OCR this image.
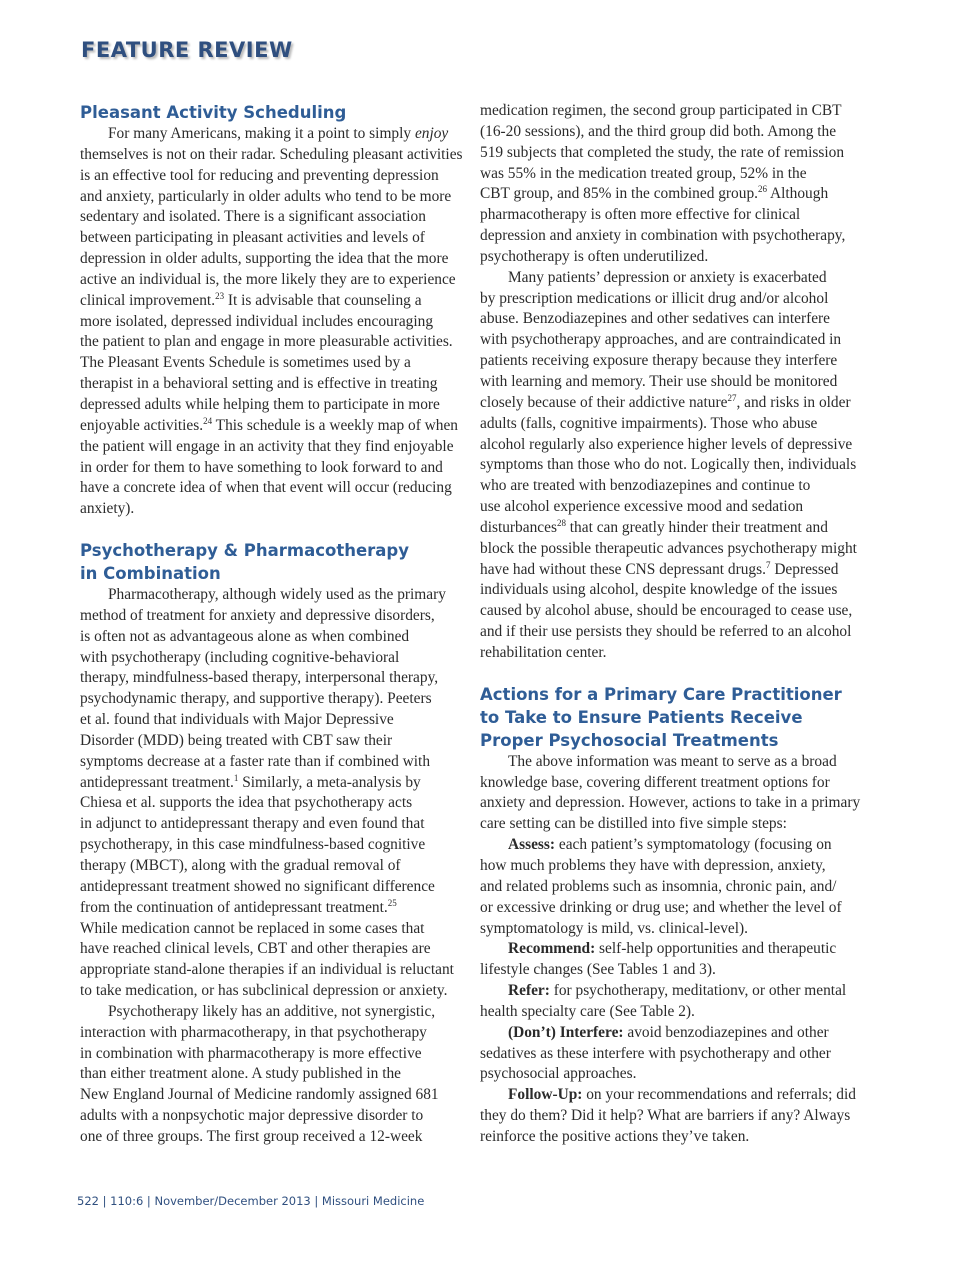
FEATURE REVIEW
Pleasant Activity Scheduling

For many Americans, making it a point to simply enjoy
themselves is not on their radar. Scheduling pleasant activities
is an effective tool for reducing and preventing depression
and anxiety, particularly in older adults who tend to be more
sedentary and isolated. There is a significant association
between participating in pleasant activities and levels of
depression in older adults, supporting the idea that the more
active an individual is, the more likely they are to experience
clinical improvement.$^{23}$ It is advisable that counseling a
more isolated, depressed individual includes encouraging
the patient to plan and engage in more pleasurable activities.
The Pleasant Events Schedule is sometimes used by a
therapist in a behavioral setting and is effective in treating
depressed adults while helping them to participate in more
enjoyable activities.$^{24}$ This schedule is a weekly map of when
the patient will engage in an activity that they find enjoyable
in order for them to have something to look forward to and
have a concrete idea of when that event will occur (reducing
anxiety).

Psychotherapy & Pharmacotherapy
in Combination

Pharmacotherapy, although widely used as the primary
method of treatment for anxiety and depressive disorders,
is often not as advantageous alone as when combined
with psychotherapy (including cognitive-behavioral
therapy, mindfulness-based therapy, interpersonal therapy,
psychodynamic therapy, and supportive therapy). Peeters
et al. found that individuals with Major Depressive
Disorder (MDD) being treated with CBT saw their
symptoms decrease at a faster rate than if combined with
antidepressant treatment.$^1$ Similarly, a meta-analysis by
Chiesa et al. supports the idea that psychotherapy acts
in adjunct to antidepressant therapy and even found that
psychotherapy, in this case mindfulness-based cognitive
therapy (MBCT), along with the gradual removal of
antidepressant treatment showed no significant difference
from the continuation of antidepressant treatment.$^{25}$
While medication cannot be replaced in some cases that
have reached clinical levels, CBT and other therapies are
appropriate stand-alone therapies if an individual is reluctant
to take medication, or has subclinical depression or anxiety.

Psychotherapy likely has an additive, not synergistic,
interaction with pharmacotherapy, in that psychotherapy
in combination with pharmacotherapy is more effective
than either treatment alone. A study published in the
New England Journal of Medicine randomly assigned 681
adults with a nonpsychotic major depressive disorder to
one of three groups. The first group received a 12-week

medication regimen, the second group participated in CBT
(16-20 sessions), and the third group did both. Among the
519 subjects that completed the study, the rate of remission
was 55% in the medication treated group, 52% in the
CBT group, and 85% in the combined group.$^{26}$ Although
pharmacotherapy is often more effective for clinical
depression and anxiety in combination with psychotherapy,
psychotherapy is often underutilized.

Many patients’ depression or anxiety is exacerbated
by prescription medications or illicit drug and/or alcohol
abuse. Benzodiazepines and other sedatives can interfere
with psychotherapy approaches, and are contraindicated in
patients receiving exposure therapy because they interfere
with learning and memory. Their use should be monitored
closely because of their addictive nature$^{27}$, and risks in older
adults (falls, cognitive impairments). Those who abuse
alcohol regularly also experience higher levels of depressive
symptoms than those who do not. Logically then, individuals
who are treated with benzodiazepines and continue to
use alcohol experience excessive mood and sedation
disturbances$^{28}$ that can greatly hinder their treatment and
block the possible therapeutic advances psychotherapy might
have had without these CNS depressant drugs.$^7$ Depressed
individuals using alcohol, despite knowledge of the issues
caused by alcohol abuse, should be encouraged to cease use,
and if their use persists they should be referred to an alcohol
rehabilitation center.

Actions for a Primary Care Practitioner
to Take to Ensure Patients Receive
Proper Psychosocial Treatments

The above information was meant to serve as a broad
knowledge base, covering different treatment options for
anxiety and depression. However, actions to take in a primary
care setting can be distilled into five simple steps:

Assess: each patient’s symptomatology (focusing on
how much problems they have with depression, anxiety,
and related problems such as insomnia, chronic pain, and/
or excessive drinking or drug use; and whether the level of
symptomatology is mild, vs. clinical-level).

Recommend: self-help opportunities and therapeutic
lifestyle changes (See Tables 1 and 3).

Refer: for psychotherapy, meditationv, or other mental
health specialty care (See Table 2).

(Don’t) Interfere: avoid benzodiazepines and other
sedatives as these interfere with psychotherapy and other
psychosocial approaches.

Follow-Up: on your recommendations and referrals; did
they do them? Did it help? What are barriers if any? Always
reinforce the positive actions they’ve taken.

522 | 110:6 | November/December 2013 | Missouri Medicine
